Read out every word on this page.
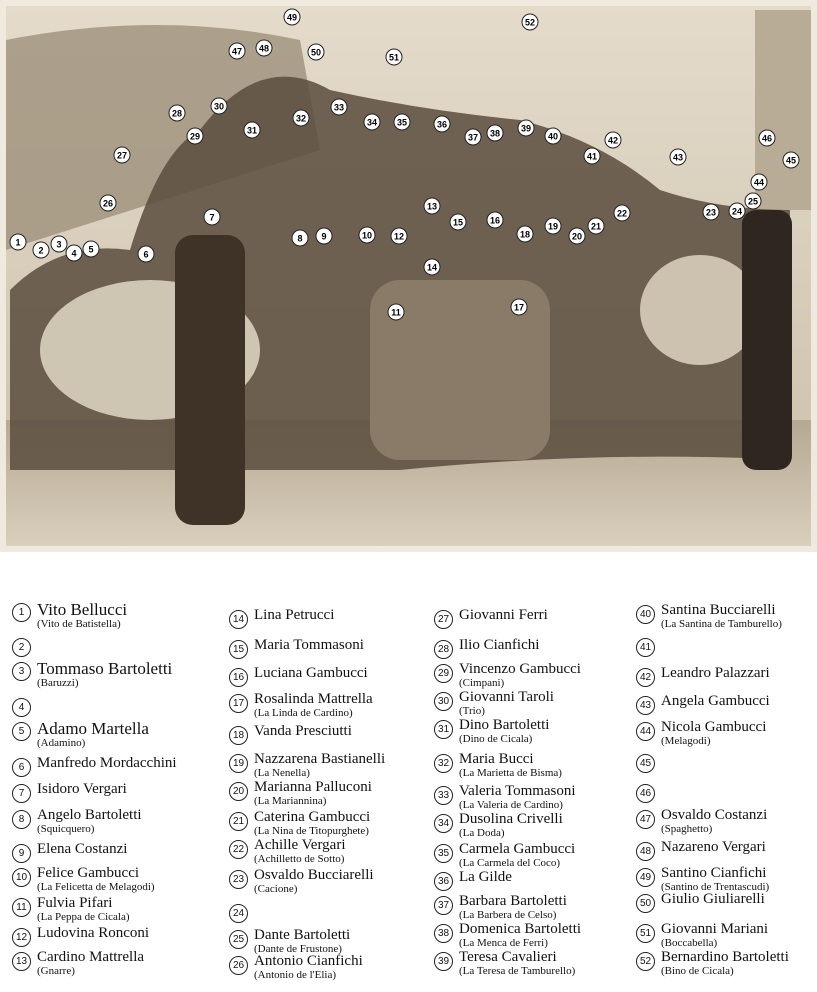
1
2
3
4 5	6
7
8 9	10
11
12
13
14
15	16
17
18
19
20
21
22	23 24
25
26
27
28
29
30
31
32
33
34 35	36
37 38 39
40
41
42
43
44
45
46
47 48
49
50	51
52
1 Vito Bellucci
(Vito de Batistella)
2
3 Tommaso Bartoletti
(Baruzzi)
4
5 Adamo Martella
(Adamino)
6 Manfredo Mordacchini
7 Isidoro Vergari
8 Angelo Bartoletti
(Squicquero)
9 Elena Costanzi
10 Felice Gambucci
(La Felicetta de Melagodi)
11 Fulvia Pifari
(La Peppa de Cicala)
12 Ludovina Ronconi
13 Cardino Mattrella
(Gnarre)
14 Lina Petrucci
15 Maria Tommasoni
16 Luciana Gambucci
17 Rosalinda Mattrella
(La Linda de Cardino)
18 Vanda Presciutti
19 Nazzarena Bastianelli
(La Nenella)
20 Marianna Palluconi
(La Mariannina)
21 Caterina Gambucci
(La Nina de Titopurghete)
22 Achille Vergari
(Achilletto de Sotto)
23 Osvaldo Bucciarelli
(Cacione)
24
25 Dante Bartoletti
(Dante de Frustone)
26 Antonio Cianfichi
(Antonio de l'Elia)
27 Giovanni Ferri
28 Ilio Cianfichi
29 Vincenzo Gambucci
(Cimpani)
30 Giovanni Taroli
(Trio)
31 Dino Bartoletti
(Dino de Cicala)
32 Maria Bucci
(La Marietta de Bisma)
33 Valeria Tommasoni
(La Valeria de Cardino)
34 Dusolina Crivelli
(La Doda)
35 Carmela Gambucci
(La Carmela del Coco)
36 La Gilde
37 Barbara Bartoletti
(La Barbera de Celso)
38 Domenica Bartoletti
(La Menca de Ferri)
39 Teresa Cavalieri
(La Teresa de Tamburello)
40 Santina Bucciarelli
(La Santina de Tamburello)
41
42 Leandro Palazzari
43 Angela Gambucci
44 Nicola Gambucci
(Melagodi)
45
46
47 Osvaldo Costanzi
(Spaghetto)
48 Nazareno Vergari
49 Santino Cianfichi
(Santino de Trentascudi)
50 Giulio Giuliarelli
51 Giovanni Mariani
(Boccabella)
52 Bernardino Bartoletti
(Bino de Cicala)
